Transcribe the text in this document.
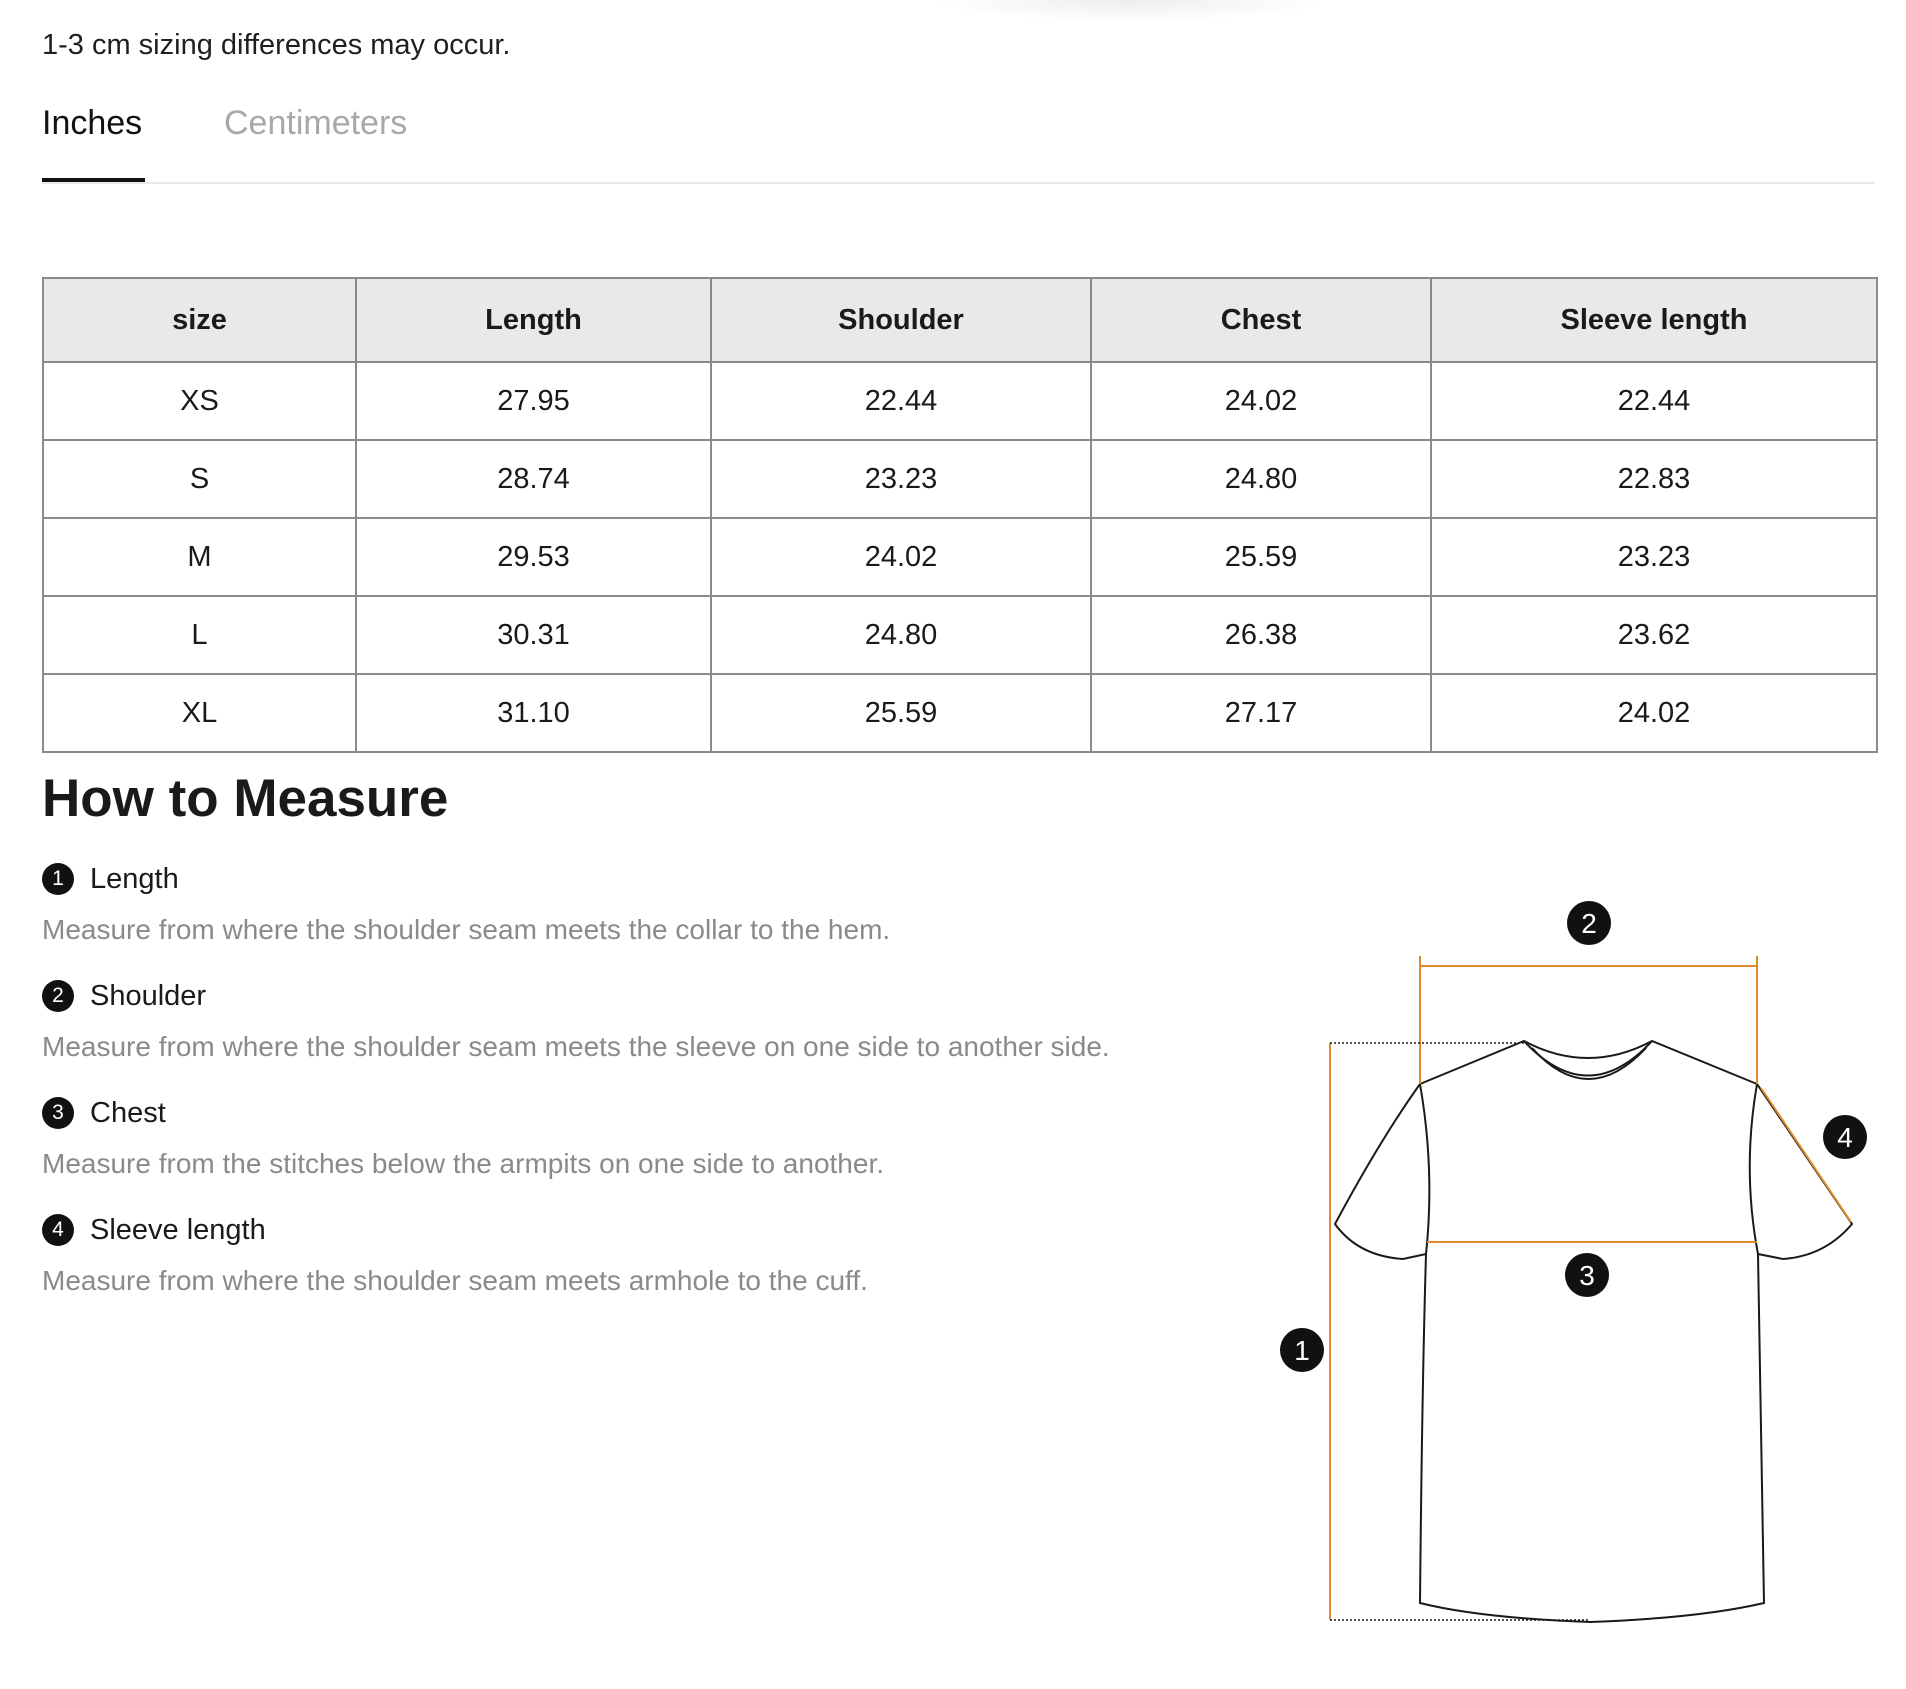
1-3 cm sizing differences may occur.
Inches Centimeters
size	Length	Shoulder	Chest	Sleeve length
XS	27.95	22.44	24.02	22.44
S	28.74	23.23	24.80	22.83
M	29.53	24.02	25.59	23.23
L	30.31	24.80	26.38	23.62
XL	31.10	25.59	27.17	24.02
How to Measure
1 Length
Measure from where the shoulder seam meets the collar to the hem.
2 Shoulder
Measure from where the shoulder seam meets the sleeve on one side to another side.
3 Chest
Measure from the stitches below the armpits on one side to another.
4 Sleeve length
Measure from where the shoulder seam meets armhole to the cuff.
1
2
3
4
